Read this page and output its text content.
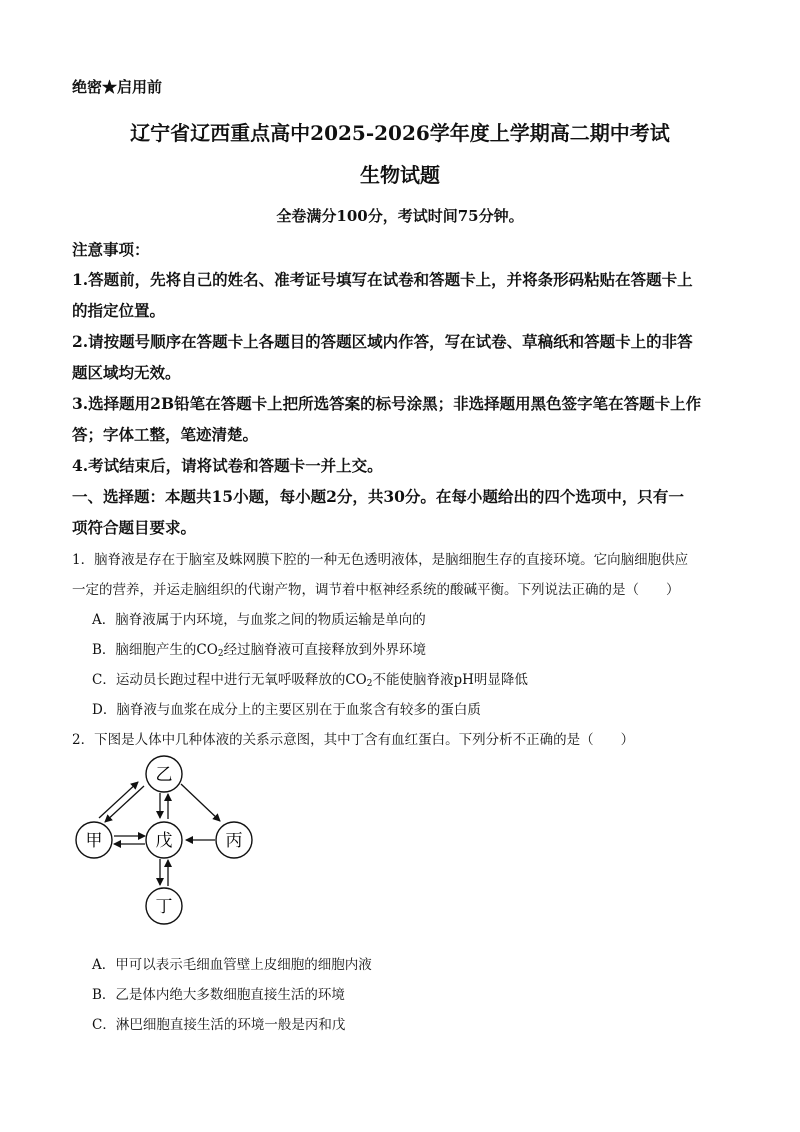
绝密★启用前
辽宁省辽西重点高中2025-2026学年度上学期高二期中考试
生物试题
全卷满分100分，考试时间75分钟。
注意事项：
1.答题前，先将自己的姓名、准考证号填写在试卷和答题卡上，并将条形码粘贴在答题卡上
的指定位置。
2.请按题号顺序在答题卡上各题目的答题区域内作答，写在试卷、草稿纸和答题卡上的非答
题区域均无效。
3.选择题用2B铅笔在答题卡上把所选答案的标号涂黑；非选择题用黑色签字笔在答题卡上作
答；字体工整，笔迹清楚。
4.考试结束后，请将试卷和答题卡一并上交。
一、选择题：本题共15小题，每小题2分，共30分。在每小题给出的四个选项中，只有一
项符合题目要求。
1．脑脊液是存在于脑室及蛛网膜下腔的一种无色透明液体，是脑细胞生存的直接环境。它向脑细胞供应
一定的营养，并运走脑组织的代谢产物，调节着中枢神经系统的酸碱平衡。下列说法正确的是（　　）
A．脑脊液属于内环境，与血浆之间的物质运输是单向的
B．脑细胞产生的$CO_2$经过脑脊液可直接释放到外界环境
C．运动员长跑过程中进行无氧呼吸释放的$CO_2$不能使脑脊液pH明显降低
D．脑脊液与血浆在成分上的主要区别在于血浆含有较多的蛋白质
2．下图是人体中几种体液的关系示意图，其中丁含有血红蛋白。下列分析不正确的是（　　）
乙
甲	戊	丙
丁
A．甲可以表示毛细血管壁上皮细胞的细胞内液
B．乙是体内绝大多数细胞直接生活的环境
C．淋巴细胞直接生活的环境一般是丙和戊
